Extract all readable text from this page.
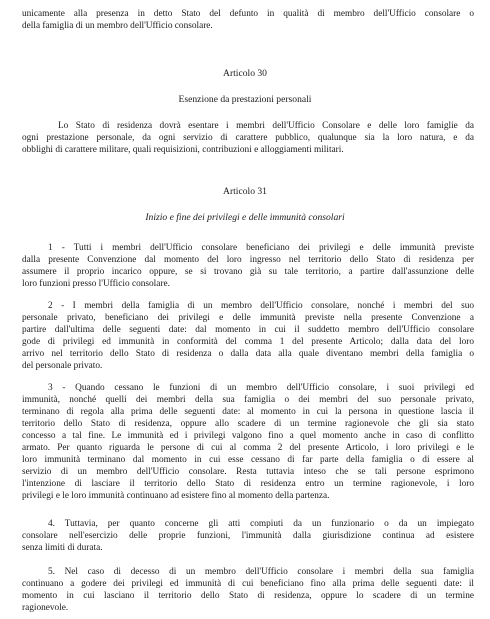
unicamente alla presenza in detto Stato del defunto in qualità di membro dell'Ufficio consolare o
della famiglia di un membro dell'Ufficio consolare.
Articolo 30
Esenzione da prestazioni personali
Lo Stato di residenza dovrà esentare i membri dell'Ufficio Consolare e delle loro famiglie da
ogni prestazione personale, da ogni servizio di carattere pubblico, qualunque sia la loro natura, e da
obblighi di carattere militare, quali requisizioni, contribuzioni e alloggiamenti militari.
Articolo 31
Inizio e fine dei privilegi e delle immunità consolari
1 - Tutti i membri dell'Ufficio consolare beneficiano dei privilegi e delle immunità previste
dalla presente Convenzione dal momento del loro ingresso nel territorio dello Stato di residenza per
assumere il proprio incarico oppure, se si trovano già su tale territorio, a partire dall'assunzione delle
loro funzioni presso l'Ufficio consolare.
2 - I membri della famiglia di un membro dell'Ufficio consolare, nonché i membri del suo
personale privato, beneficiano dei privilegi e delle immunità previste nella presente Convenzione a
partire dall'ultima delle seguenti date: dal momento in cui il suddetto membro dell'Ufficio consolare
gode di privilegi ed immunità in conformità del comma 1 del presente Articolo; dalla data del loro
arrivo nel territorio dello Stato di residenza o dalla data alla quale diventano membri della famiglia o
del personale privato.
3 - Quando cessano le funzioni di un membro dell'Ufficio consolare, i suoi privilegi ed
immunità, nonché quelli dei membri della sua famiglia o dei membri del suo personale privato,
terminano di regola alla prima delle seguenti date: al momento in cui la persona in questione lascia il
territorio dello Stato di residenza, oppure allo scadere di un termine ragionevole che gli sia stato
concesso a tal fine. Le immunità ed i privilegi valgono fino a quel momento anche in caso di conflitto
armato. Per quanto riguarda le persone di cui al comma 2 del presente Articolo, i loro privilegi e le
loro immunità terminano dal momento in cui esse cessano di far parte della famiglia o di essere al
servizio di un membro dell'Ufficio consolare. Resta tuttavia inteso che se tali persone esprimono
l'intenzione di lasciare il territorio dello Stato di residenza entro un termine ragionevole, i loro
privilegi e le loro immunità continuano ad esistere fino al momento della partenza.
4. Tuttavia, per quanto concerne gli atti compiuti da un funzionario o da un impiegato
consolare nell'esercizio delle proprie funzioni, l'immunità dalla giurisdizione continua ad esistere
senza limiti di durata.
5. Nel caso di decesso di un membro dell'Ufficio consolare i membri della sua famiglia
continuano a godere dei privilegi ed immunità di cui beneficiano fino alla prima delle seguenti date: il
momento in cui lasciano il territorio dello Stato di residenza, oppure lo scadere di un termine
ragionevole.
